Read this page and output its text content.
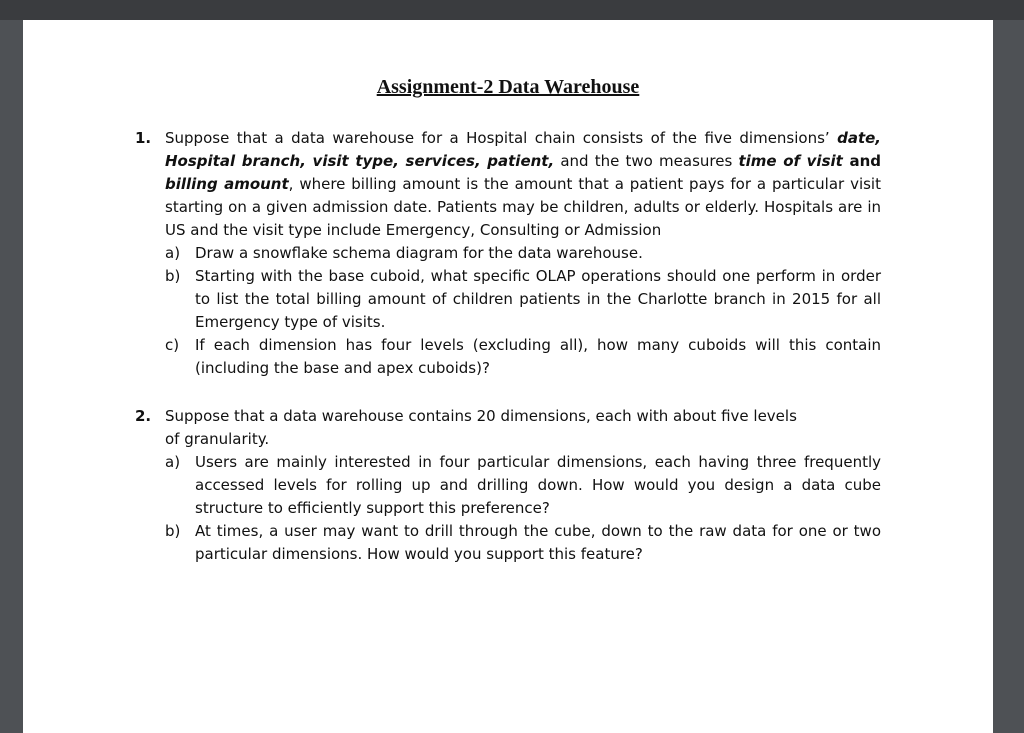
Assignment-2 Data Warehouse
1. Suppose that a data warehouse for a Hospital chain consists of the five dimensions’ date, Hospital branch, visit type, services, patient, and the two measures time of visit and billing amount, where billing amount is the amount that a patient pays for a particular visit starting on a given admission date. Patients may be children, adults or elderly. Hospitals are in US and the visit type include Emergency, Consulting or Admission
a) Draw a snowflake schema diagram for the data warehouse.
b) Starting with the base cuboid, what specific OLAP operations should one perform in order to list the total billing amount of children patients in the Charlotte branch in 2015 for all Emergency type of visits.
c) If each dimension has four levels (excluding all), how many cuboids will this contain (including the base and apex cuboids)?
2. Suppose that a data warehouse contains 20 dimensions, each with about five levels
of granularity.
a) Users are mainly interested in four particular dimensions, each having three frequently accessed levels for rolling up and drilling down. How would you design a data cube structure to efficiently support this preference?
b) At times, a user may want to drill through the cube, down to the raw data for one or two particular dimensions. How would you support this feature?
